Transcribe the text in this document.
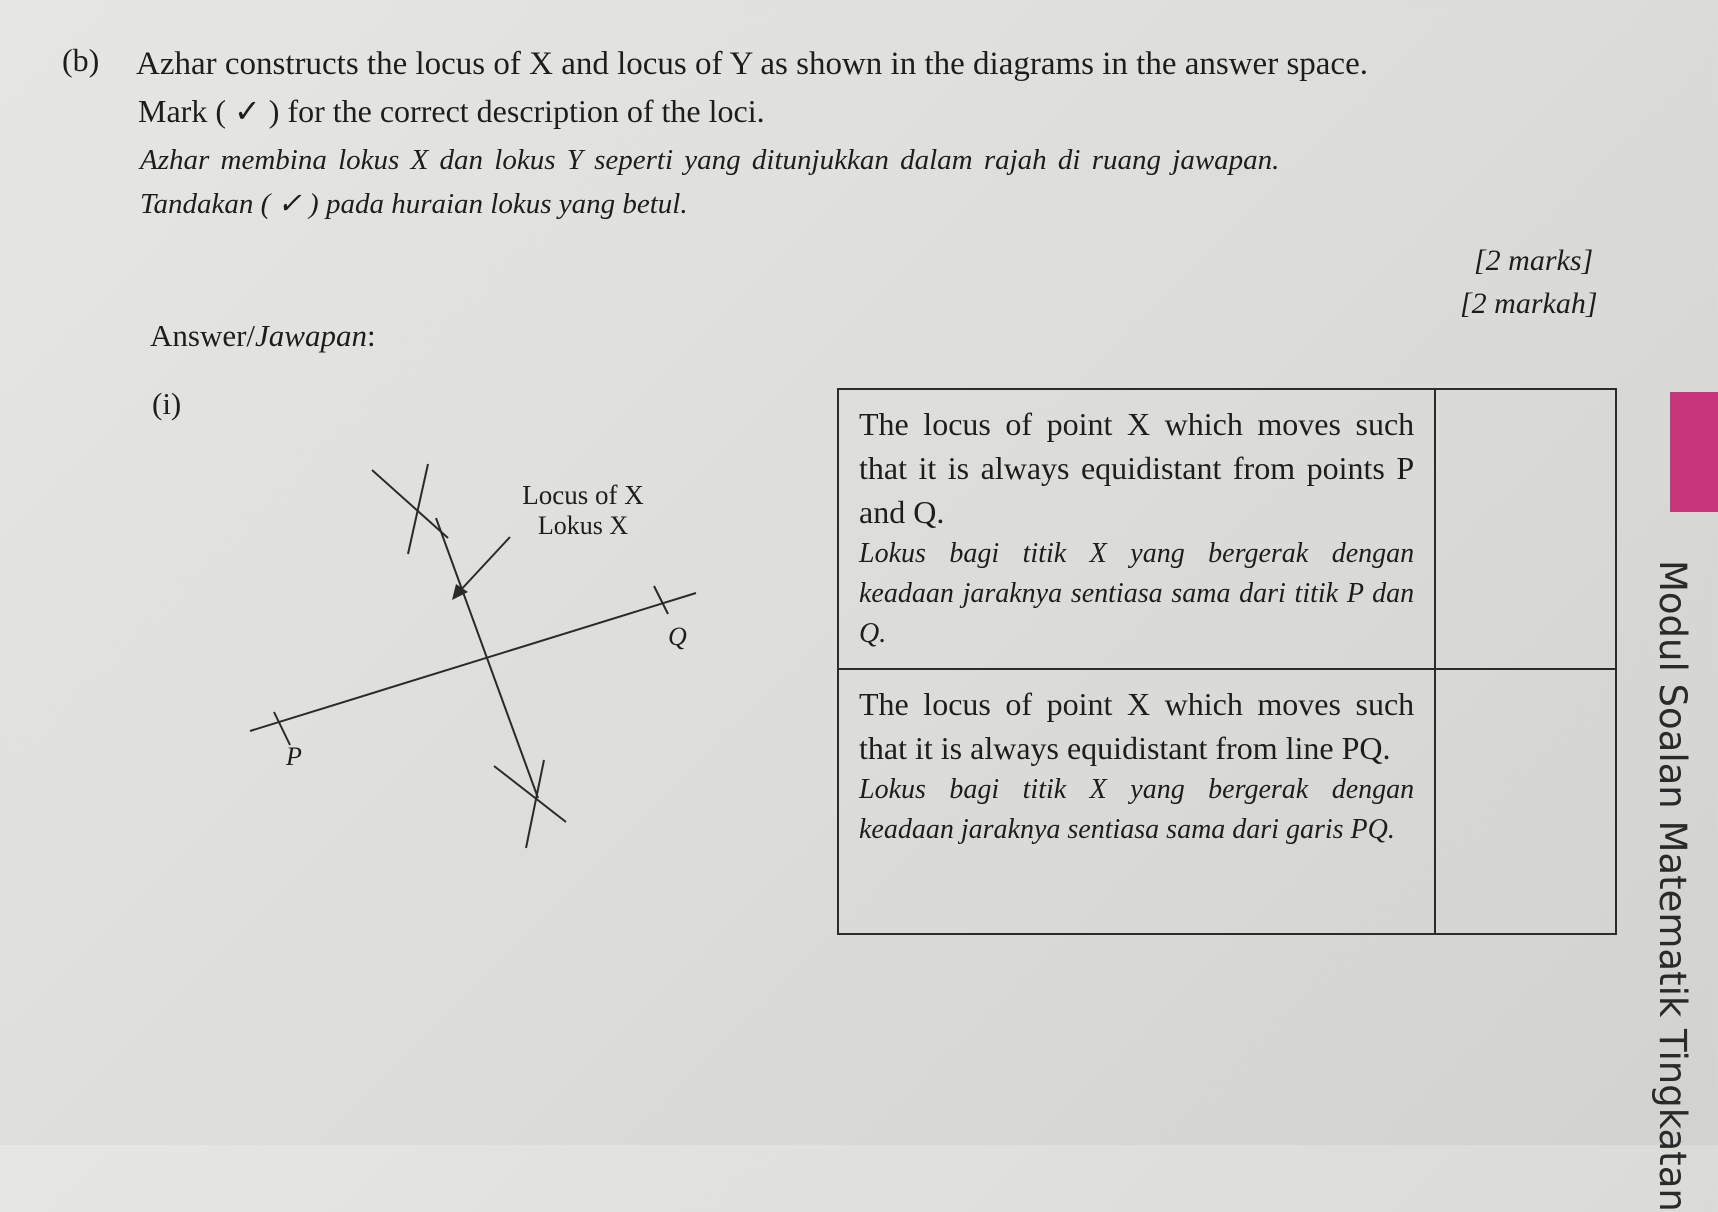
(b) Azhar constructs the locus of X and locus of Y as shown in the diagrams in the answer space.
Mark ( ✓ ) for the correct description of the loci.
Azhar membina lokus X dan lokus Y seperti yang ditunjukkan dalam rajah di ruang jawapan.
Tandakan ( ✓ ) pada huraian lokus yang betul.
[2 marks]
[2 markah]
Answer/Jawapan:
(i)
Locus of X
Lokus X
Q
P
The locus of point X which moves such that it is always equidistant from points P and Q.
Lokus bagi titik X yang bergerak dengan keadaan jaraknya sentiasa sama dari titik P dan Q.	

The locus of point X which moves such that it is always equidistant from line PQ.
Lokus bagi titik X yang bergerak dengan keadaan jaraknya sentiasa sama dari garis PQ.	
		Modul Soalan Matematik Tingkatan
